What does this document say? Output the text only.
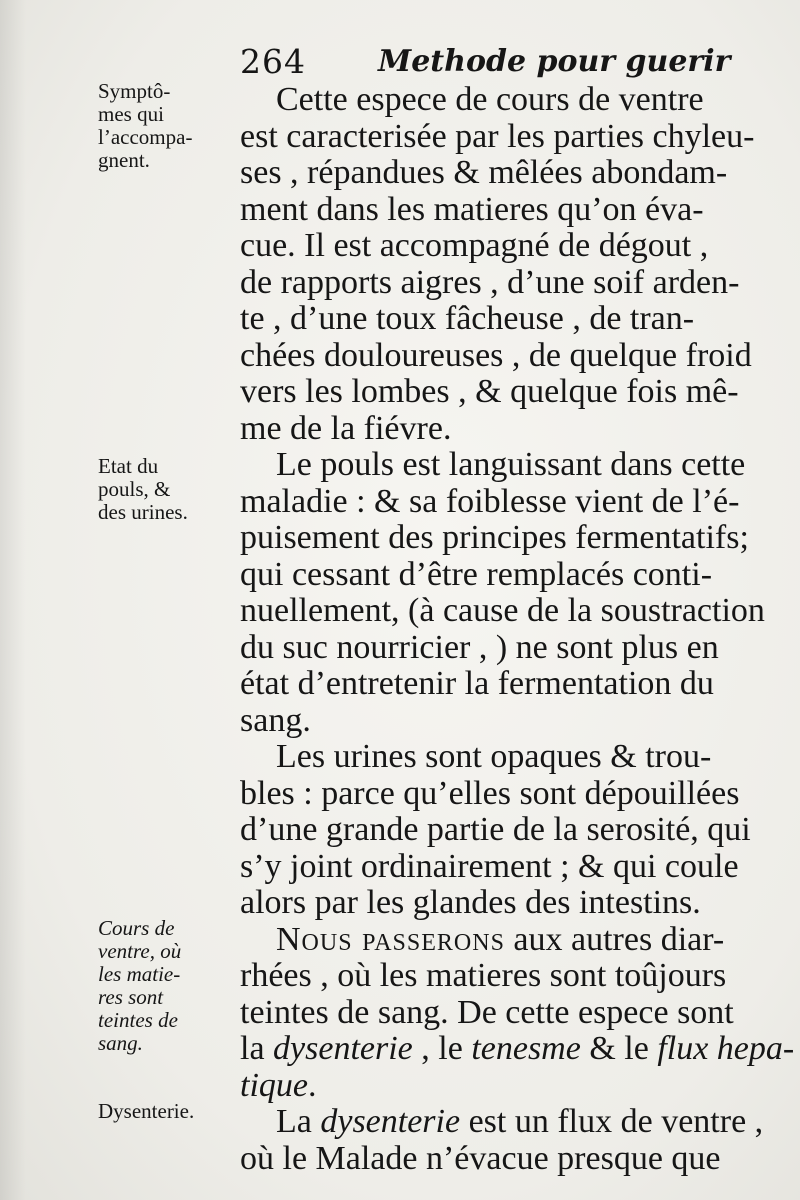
264 Methode pour guerir
Symptô-
mes qui
l’accompa-
gnent.
Etat du
pouls, &
des urines.
Cours de
ventre, où
les matie-
res sont
teintes de
sang.
Dysenterie.
Cette espece de cours de ventre
est caracterisée par les parties chyleu-
ses , répandues & mêlées abondam-
ment dans les matieres qu’on éva-
cue. Il est accompagné de dégout ,
de rapports aigres , d’une soif arden-
te , d’une toux fâcheuse , de tran-
chées douloureuses , de quelque froid
vers les lombes , & quelque fois mê-
me de la fiévre.
Le pouls est languissant dans cette
maladie : & sa foiblesse vient de l’é-
puisement des principes fermentatifs;
qui cessant d’être remplacés conti-
nuellement, (à cause de la soustraction
du suc nourricier , ) ne sont plus en
état d’entretenir la fermentation du
sang.
Les urines sont opaques & trou-
bles : parce qu’elles sont dépouillées
d’une grande partie de la serosité, qui
s’y joint ordinairement ; & qui coule
alors par les glandes des intestins.
Nous passerons aux autres diar-
rhées , où les matieres sont toûjours
teintes de sang. De cette espece sont
la dysenterie , le tenesme & le flux hepa-
tique.
La dysenterie est un flux de ventre ,
où le Malade n’évacue presque que
